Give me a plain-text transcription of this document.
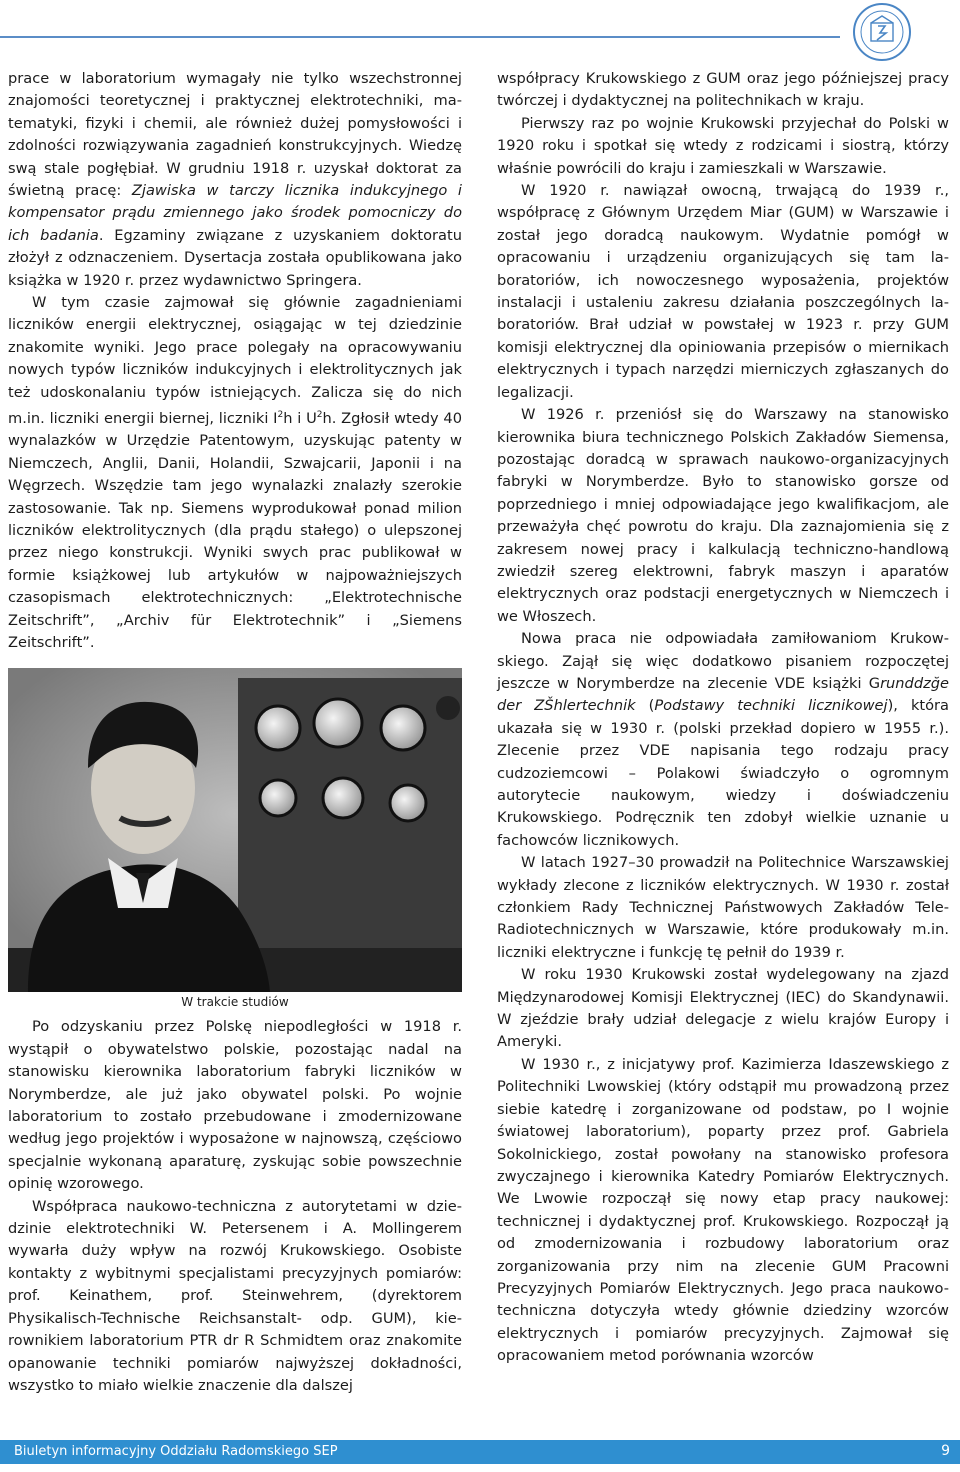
prace w laboratorium wymagały nie tylko wszechstronnej znajomości teoretycznej i praktycznej elektrotechniki, matematyki, fizyki i chemii, ale również dużej pomysłowości i zdolności rozwiązywania zagadnień konstrukcyjnych. Wiedzę swą stale pogłębiał. W grudniu 1918 r. uzyskał doktorat za świetną pracę: Zjawiska w tarczy licznika indukcyjnego i kompensator prądu zmiennego jako środek pomocniczy do ich badania. Egzaminy związane z uzyskaniem doktoratu złożył z odznaczeniem. Dysertacja została opublikowana jako książka w 1920 r. przez wydawnictwo Springera.

W tym czasie zajmował się głównie zagadnieniami liczników energii elektrycznej, osiągając w tej dziedzinie znakomite wyniki. Jego prace polegały na opracowywaniu nowych typów liczników indukcyjnych i elektrolitycznych jak też udoskonalaniu typów istniejących. Zalicza się do nich m.in. liczniki energii biernej, liczniki $I^2h$ i $U^2h$. Zgłosił wtedy 40 wynalazków w Urzędzie Patentowym, uzyskując patenty w Niemczech, Anglii, Danii, Holandii, Szwajcarii, Japonii i na Węgrzech. Wszędzie tam jego wynalazki znalazły szerokie zastosowanie. Tak np. Siemens wyprodukował ponad milion liczników elektrolitycznych (dla prądu stałego) o ulepszonej przez niego konstrukcji. Wyniki swych prac publikował w formie książkowej lub artykułów w najpoważniejszych czasopismach elektrotechnicznych: „Elektrotechnische Zeitschrift”, „Archiv für Elektrotechnik” i „Siemens Zeitschrift”.

W trakcie studiów

Po odzyskaniu przez Polskę niepodległości w 1918 r. wystąpił o obywatelstwo polskie, pozostając nadal na stanowisku kierownika laboratorium fabryki liczników w Norymberdze, ale już jako obywatel polski. Po wojnie laboratorium to zostało przebudowane i zmodernizowane według jego projektów i wyposażone w najnowszą, częściowo specjalnie wykonaną aparaturę, zyskując sobie powszechnie opinię wzorowego.

Współpraca naukowo-techniczna z autorytetami w dziedzinie elektrotechniki W. Petersenem i A. Mollingerem wywarła duży wpływ na rozwój Krukowskiego. Osobiste kontakty z wybitnymi specjalistami precyzyjnych pomiarów: prof. Keinathem, prof. Steinwehrem, (dyrektorem Physikalisch-Technische Reichsanstalt- odp. GUM), kierownikiem laboratorium PTR dr R Schmidtem oraz znakomite opanowanie techniki pomiarów najwyższej dokładności, wszystko to miało wielkie znaczenie dla dalszej

współpracy Krukowskiego z GUM oraz jego późniejszej pracy twórczej i dydaktycznej na politechnikach w kraju.

Pierwszy raz po wojnie Krukowski przyjechał do Polski w 1920 roku i spotkał się wtedy z rodzicami i siostrą, którzy właśnie powrócili do kraju i zamieszkali w Warszawie.

W 1920 r. nawiązał owocną, trwającą do 1939 r., współpracę z Głównym Urzędem Miar (GUM) w Warszawie i został jego doradcą naukowym. Wydatnie pomógł w opracowaniu i urządzeniu organizujących się tam laboratoriów, ich nowoczesnego wyposażenia, projektów instalacji i ustaleniu zakresu działania poszczególnych laboratoriów. Brał udział w powstałej w 1923 r. przy GUM komisji elektrycznej dla opiniowania przepisów o miernikach elektrycznych i typach narzędzi mierniczych zgłaszanych do legalizacji.

W 1926 r. przeniósł się do Warszawy na stanowisko kierownika biura technicznego Polskich Zakładów Siemensa, pozostając doradcą w sprawach naukowo-organizacyjnych fabryki w Norymberdze. Było to stanowisko gorsze od poprzedniego i mniej odpowiadające jego kwalifikacjom, ale przeważyła chęć powrotu do kraju. Dla zaznajomienia się z zakresem nowej pracy i kalkulacją techniczno-handlową zwiedził szereg elektrowni, fabryk maszyn i aparatów elektrycznych oraz podstacji energetycznych w Niemczech i we Włoszech.

Nowa praca nie odpowiadała zamiłowaniom Krukowskiego. Zajął się więc dodatkowo pisaniem rozpoczętej jeszcze w Norymberdze na zlecenie VDE książki Grunddzğe der ZŠhlertechnik (Podstawy techniki licznikowej), która ukazała się w 1930 r. (polski przekład dopiero w 1955 r.). Zlecenie przez VDE napisania tego rodzaju pracy cudzoziemcowi – Polakowi świadczyło o ogromnym autorytecie naukowym, wiedzy i doświadczeniu Krukowskiego. Podręcznik ten zdobył wielkie uznanie u fachowców licznikowych.

W latach 1927–30 prowadził na Politechnice Warszawskiej wykłady zlecone z liczników elektrycznych. W 1930 r. został członkiem Rady Technicznej Państwowych Zakładów Tele-Radiotechnicznych w Warszawie, które produkowały m.in. liczniki elektryczne i funkcję tę pełnił do 1939 r.

W roku 1930 Krukowski został wydelegowany na zjazd Międzynarodowej Komisji Elektrycznej (IEC) do Skandynawii. W zjeździe brały udział delegacje z wielu krajów Europy i Ameryki.

W 1930 r., z inicjatywy prof. Kazimierza Idaszewskiego z Politechniki Lwowskiej (który odstąpił mu prowadzoną przez siebie katedrę i zorganizowane od podstaw, po I wojnie światowej laboratorium), poparty przez prof. Gabriela Sokolnickiego, został powołany na stanowisko profesora zwyczajnego i kierownika Katedry Pomiarów Elektrycznych. We Lwowie rozpoczął się nowy etap pracy naukowej: technicznej i dydaktycznej prof. Krukowskiego. Rozpoczął ją od zmodernizowania i rozbudowy laboratorium oraz zorganizowania przy nim na zlecenie GUM Pracowni Precyzyjnych Pomiarów Elektrycznych. Jego praca naukowo-techniczna dotyczyła wtedy głównie dziedziny wzorców elektrycznych i pomiarów precyzyjnych. Zajmował się opracowaniem metod porównania wzorców

Biuletyn informacyjny Oddziału Radomskiego SEP	9
